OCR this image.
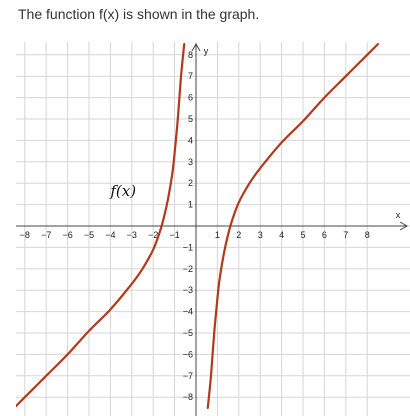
The function f(x) is shown in the graph.
x
y
−8 −7 −6 −5 −4 −3 −2 −1	1 2 3 4 5 6 7 8
8
7
6
5
4
3
2
1
−1
−2
−3
−4
−5
−6
−7
−8
f(x)
